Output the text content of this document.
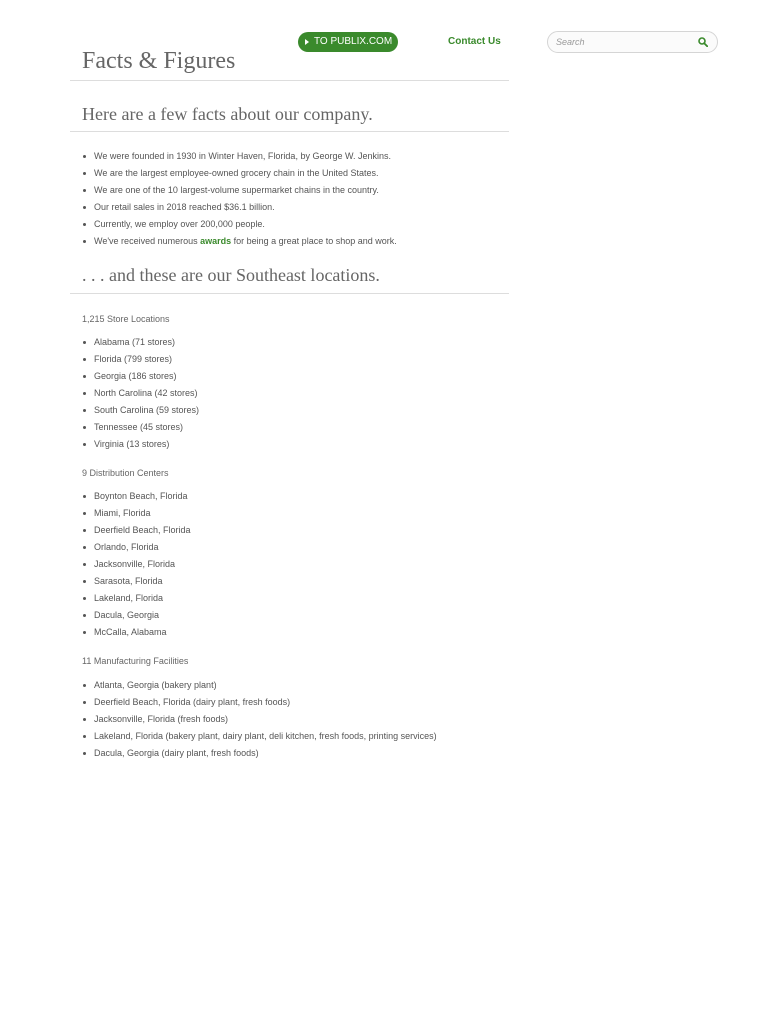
TO PUBLIX.COM	Contact Us
Search
Facts & Figures
Here are a few facts about our company.
We were founded in 1930 in Winter Haven, Florida, by George W. Jenkins.
We are the largest employee-owned grocery chain in the United States.
We are one of the 10 largest-volume supermarket chains in the country.
Our retail sales in 2018 reached $36.1 billion.
Currently, we employ over 200,000 people.
We've received numerous awards for being a great place to shop and work.
. . . and these are our Southeast locations.
1,215 Store Locations
Alabama (71 stores)
Florida (799 stores)
Georgia (186 stores)
North Carolina (42 stores)
South Carolina (59 stores)
Tennessee (45 stores)
Virginia (13 stores)
9 Distribution Centers
Boynton Beach, Florida
Miami, Florida
Deerfield Beach, Florida
Orlando, Florida
Jacksonville, Florida
Sarasota, Florida
Lakeland, Florida
Dacula, Georgia
McCalla, Alabama
11 Manufacturing Facilities
Atlanta, Georgia (bakery plant)
Deerfield Beach, Florida (dairy plant, fresh foods)
Jacksonville, Florida (fresh foods)
Lakeland, Florida (bakery plant, dairy plant, deli kitchen, fresh foods, printing services)
Dacula, Georgia (dairy plant, fresh foods)
